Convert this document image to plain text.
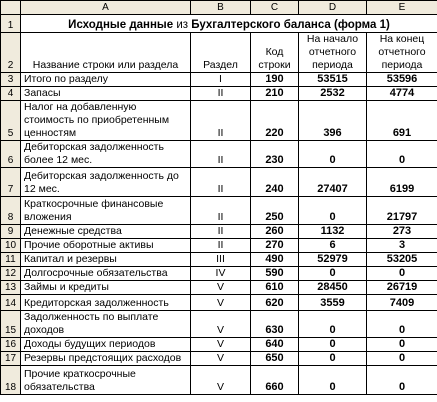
	A	B	C	D	E
1	Исходные данные из Бухгалтерского баланса (форма 1)				
2	Название строки или раздела	Раздел	Код строки	На начало отчетного периода	На конец отчетного периода
3	Итого по разделу	I	190	53515	53596
4	Запасы	II	210	2532	4774
5	Налог на добавленную стоимость по приобретенным ценностям	II	220	396	691
6	Дебиторская задолженность более 12 мес.	II	230	0	0
7	Дебиторская задолженность до 12 мес.	II	240	27407	6199
8	Краткосрочные финансовые вложения	II	250	0	21797
9	Денежные средства	II	260	1132	273
10	Прочие оборотные активы	II	270	6	3
11	Капитал и резервы	III	490	52979	53205
12	Долгосрочные обязательства	IV	590	0	0
13	Займы и кредиты	V	610	28450	26719
14	Кредиторская задолженность	V	620	3559	7409
15	Задолженность по выплате доходов	V	630	0	0
16	Доходы будущих периодов	V	640	0	0
17	Резервы предстоящих расходов	V	650	0	0
18	Прочие краткосрочные обязательства	V	660	0	0
